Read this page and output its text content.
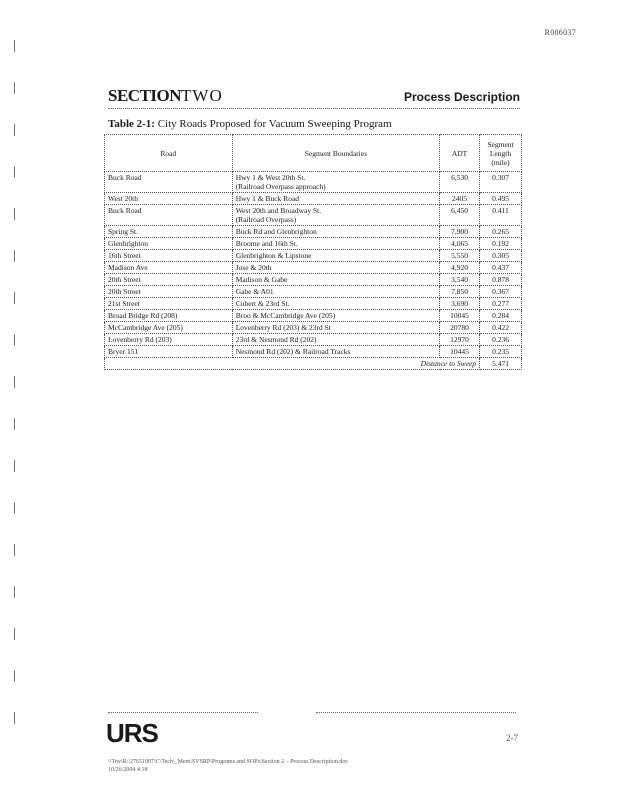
R006037
SECTIONTWO	Process Description
Table 2-1: City Roads Proposed for Vacuum Sweeping Program
Road	Segment Boundaries	ADT	Segment Length (mile)
Buck Road	Hwy 1 & West 20th St.
(Railroad Overpass approach)	6,530	0.307
West 20th	Hwy 1 & Buck Road	2405	0.495
Buck Road	West 20th and Broadway St.
(Railroad Overpass)	6,450	0.411
Spring St.	Buck Rd and Glenbrighton	7,900	0.265
Glenbrighton	Broome and 16th St.	4,065	0.192
16th Street	Glenbrighton & Lipstone	5,550	0.305
Madison Ave	Jose & 20th	4,920	0.437
20th Street	Madison & Gabe	3,540	0.878
20th Street	Gabe & A01	7,850	0.367
21st Street	Cubert & 23rd St.	3,690	0.277
Broad Bridge Rd (208)	Broo & McCambridge Ave (205)	10045	0.284
McCambridge Ave (205)	Lovenberry Rd (203) & 23rd St	20780	0.422
Lovenberry Rd (203)	23rd & Nesmond Rd (202)	12970	0.236
Bryer 151	Nesmond Rd (202) & Railroad Tracks	10445	0.235
Distance to Sweep			5.471
URS	2-7
\\Tnv\R:\27651007\C\Tech\_Mem\SVSRP\Programs and SOPs\Section 2 – Process Description.doc
10/26/2004 4:18
